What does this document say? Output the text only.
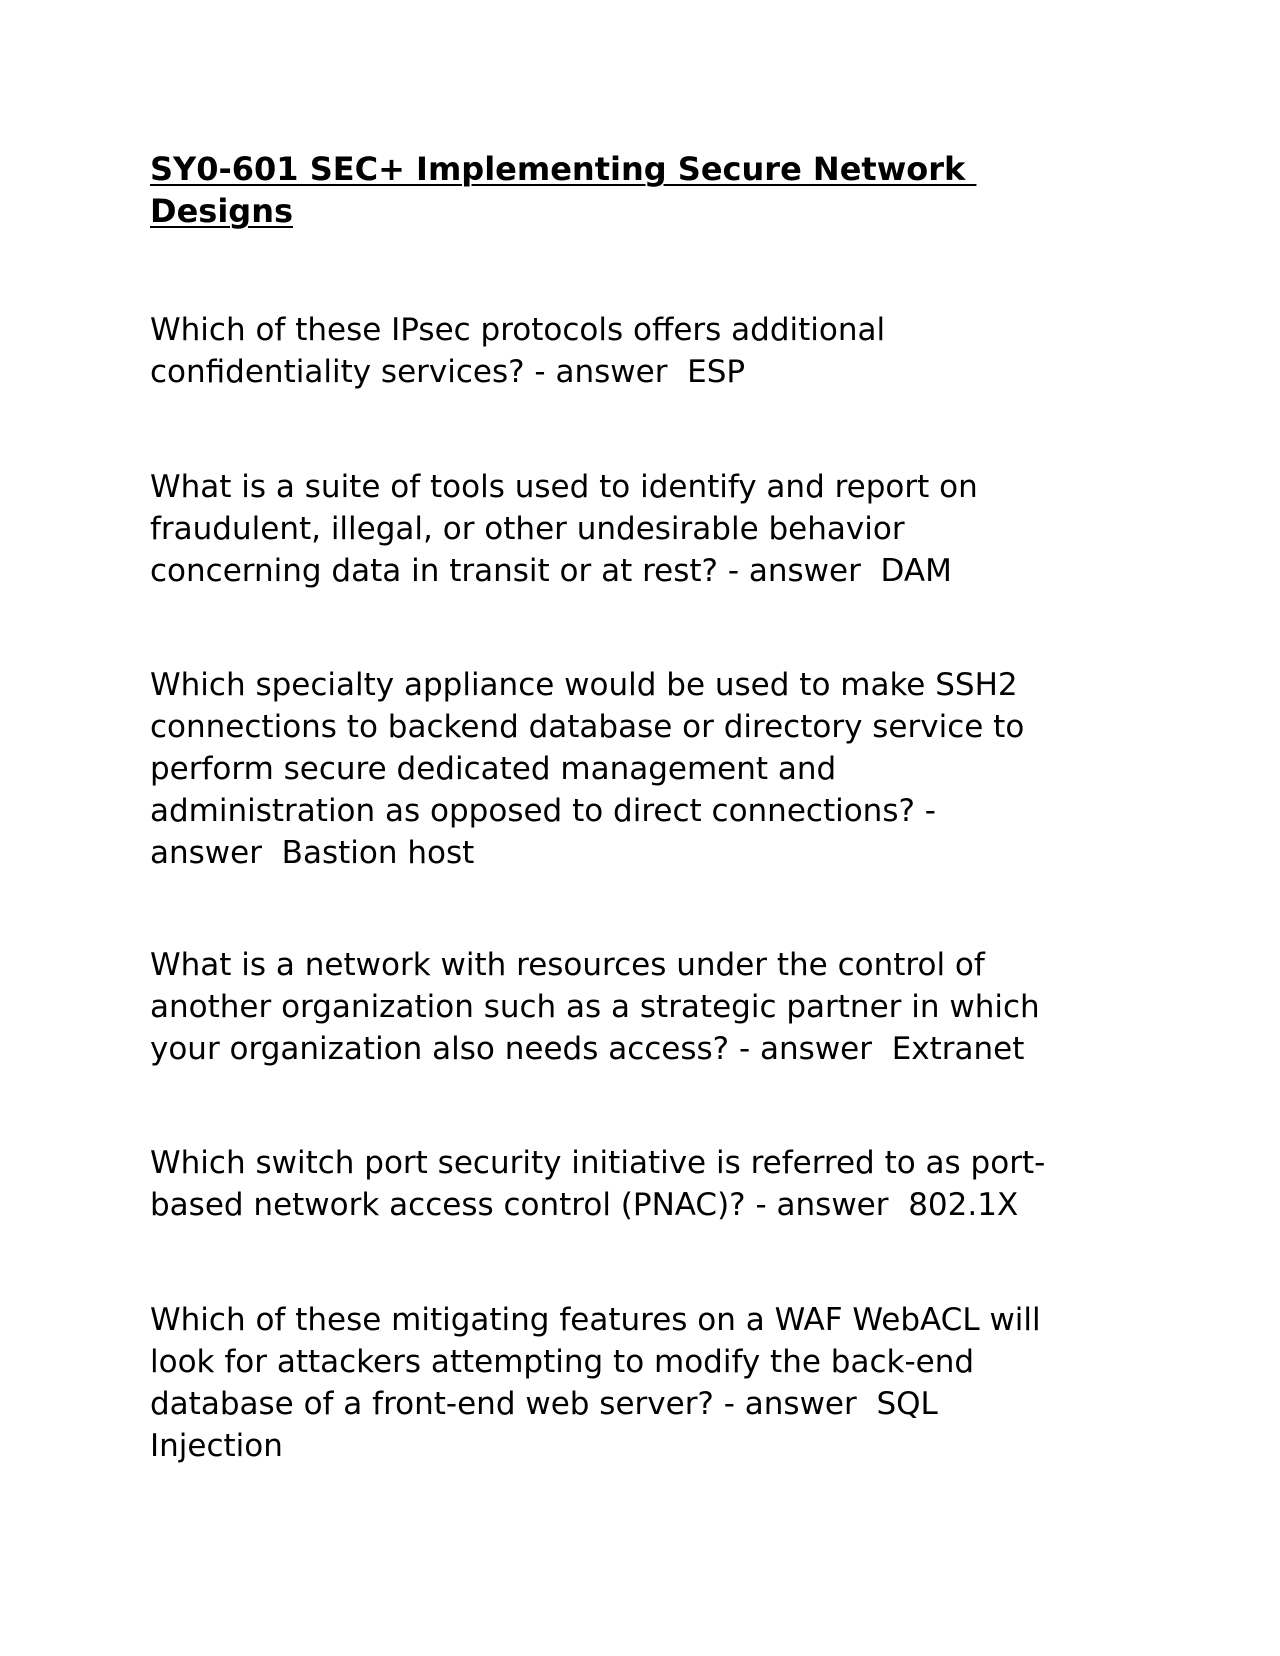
SY0-601 SEC+ Implementing Secure Network
Designs

Which of these IPsec protocols offers additional
confidentiality services? - answer  ESP

What is a suite of tools used to identify and report on
fraudulent, illegal, or other undesirable behavior
concerning data in transit or at rest? - answer  DAM

Which specialty appliance would be used to make SSH2
connections to backend database or directory service to
perform secure dedicated management and
administration as opposed to direct connections? -
answer  Bastion host

What is a network with resources under the control of
another organization such as a strategic partner in which
your organization also needs access? - answer  Extranet

Which switch port security initiative is referred to as port-
based network access control (PNAC)? - answer  802.1X

Which of these mitigating features on a WAF WebACL will
look for attackers attempting to modify the back-end
database of a front-end web server? - answer  SQL
Injection
